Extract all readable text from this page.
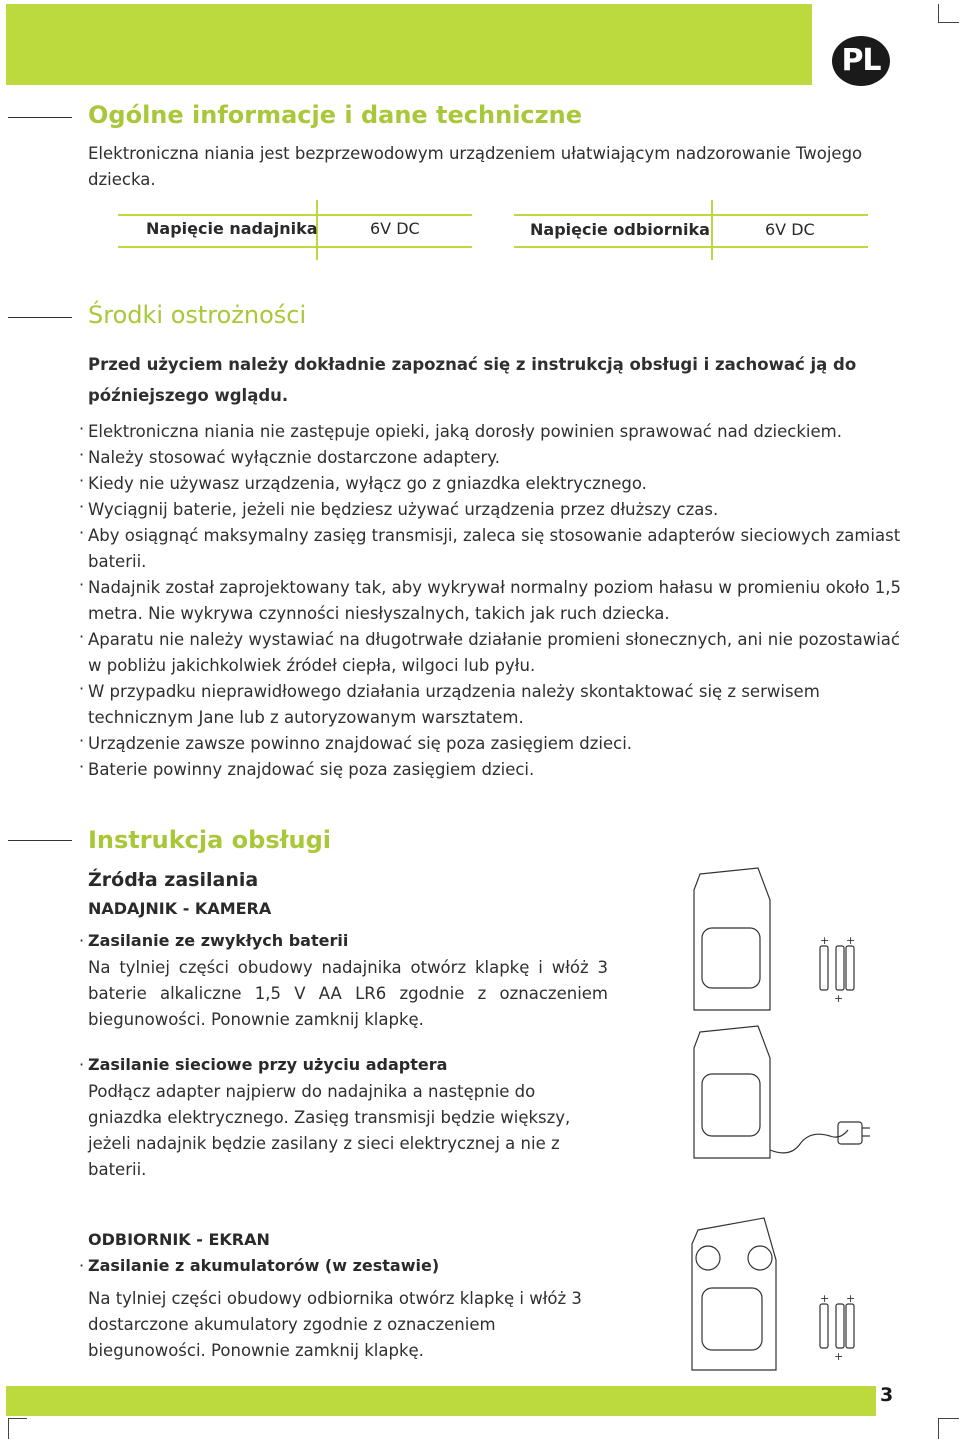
PL
Ogólne informacje i dane techniczne
Elektroniczna niania jest bezprzewodowym urządzeniem ułatwiającym nadzorowanie Twojego dziecka.
Napięcie nadajnika	6V DC	Napięcie odbiornika	6V DC
Środki ostrożności
Przed użyciem należy dokładnie zapoznać się z instrukcją obsługi i zachować ją do późniejszego wglądu.
· Elektroniczna niania nie zastępuje opieki, jaką dorosły powinien sprawować nad dzieckiem.
· Należy stosować wyłącznie dostarczone adaptery.
· Kiedy nie używasz urządzenia, wyłącz go z gniazdka elektrycznego.
· Wyciągnij baterie, jeżeli nie będziesz używać urządzenia przez dłuższy czas.
· Aby osiągnąć maksymalny zasięg transmisji, zaleca się stosowanie adapterów sieciowych zamiast baterii.
· Nadajnik został zaprojektowany tak, aby wykrywał normalny poziom hałasu w promieniu około 1,5 metra. Nie wykrywa czynności niesłyszalnych, takich jak ruch dziecka.
· Aparatu nie należy wystawiać na długotrwałe działanie promieni słonecznych, ani nie pozostawiać w pobliżu jakichkolwiek źródeł ciepła, wilgoci lub pyłu.
· W przypadku nieprawidłowego działania urządzenia należy skontaktować się z serwisem technicznym Jane lub z autoryzowanym warsztatem.
· Urządzenie zawsze powinno znajdować się poza zasięgiem dzieci.
· Baterie powinny znajdować się poza zasięgiem dzieci.
Instrukcja obsługi
Źródła zasilania
NADAJNIK - KAMERA
· Zasilanie ze zwykłych baterii
Na tylniej części obudowy nadajnika otwórz klapkę i włóż 3 baterie alkaliczne 1,5 V AA LR6 zgodnie z oznaczeniem biegunowości. Ponownie zamknij klapkę.
· Zasilanie sieciowe przy użyciu adaptera
Podłącz adapter najpierw do nadajnika a następnie do gniazdka elektrycznego. Zasięg transmisji będzie większy, jeżeli nadajnik będzie zasilany z sieci elektrycznej a nie z baterii.
ODBIORNIK - EKRAN
· Zasilanie z akumulatorów (w zestawie)
Na tylniej części obudowy odbiornika otwórz klapkę i włóż 3 dostarczone akumulatory zgodnie z oznaczeniem biegunowości. Ponownie zamknij klapkę.
+ +
+
+ +
+
3
